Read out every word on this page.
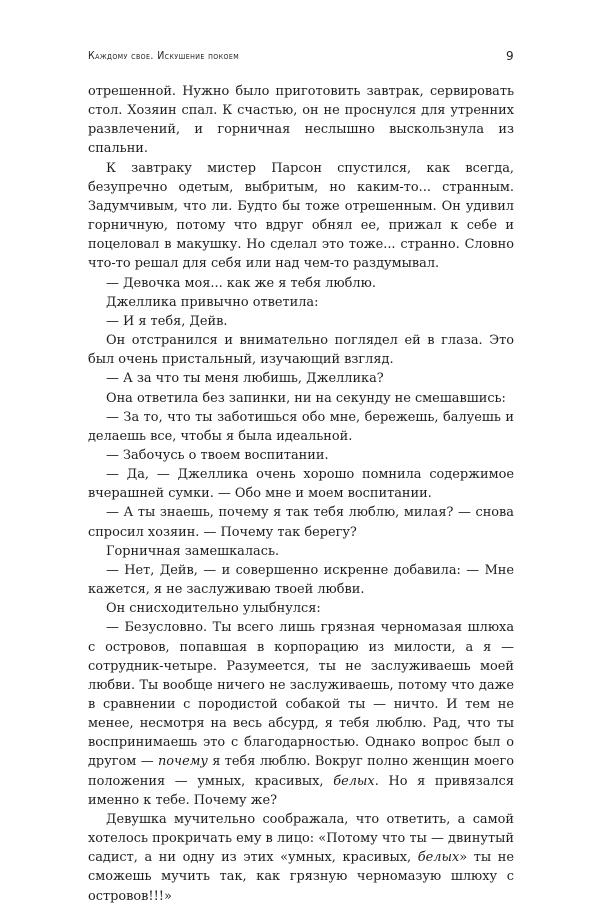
Каждому свое. Искушение покоем	9

отрешенной. Нужно было приготовить завтрак, сервировать стол. Хозяин спал. К счастью, он не проснулся для утренних развлечений, и горничная неслышно выскользнула из спальни.

К завтраку мистер Парсон спустился, как всегда, безупречно одетым, выбритым, но каким-то... странным. Задумчивым, что ли. Будто бы тоже отрешенным. Он удивил горничную, потому что вдруг обнял ее, прижал к себе и поцеловал в макушку. Но сделал это тоже... странно. Словно что-то решал для себя или над чем-то раздумывал.

— Девочка моя... как же я тебя люблю.

Джеллика привычно ответила:

— И я тебя, Дейв.

Он отстранился и внимательно поглядел ей в глаза. Это был очень пристальный, изучающий взгляд.

— А за что ты меня любишь, Джеллика?

Она ответила без запинки, ни на секунду не смешавшись:

— За то, что ты заботишься обо мне, бережешь, балуешь и делаешь все, чтобы я была идеальной.

— Забочусь о твоем воспитании.

— Да, — Джеллика очень хорошо помнила содержимое вчерашней сумки. — Обо мне и моем воспитании.

— А ты знаешь, почему я так тебя люблю, милая? — снова спросил хозяин. — Почему так берегу?

Горничная замешкалась.

— Нет, Дейв, — и совершенно искренне добавила: — Мне кажется, я не заслуживаю твоей любви.

Он снисходительно улыбнулся:

— Безусловно. Ты всего лишь грязная черномазая шлюха с островов, попавшая в корпорацию из милости, а я — сотрудник-четыре. Разумеется, ты не заслуживаешь моей любви. Ты вообще ничего не заслуживаешь, потому что даже в сравнении с породистой собакой ты — ничто. И тем не менее, несмотря на весь абсурд, я тебя люблю. Рад, что ты воспринимаешь это с благодарностью. Однако вопрос был о другом — почему я тебя люблю. Вокруг полно женщин моего положения — умных, красивых, белых. Но я привязался именно к тебе. Почему же?

Девушка мучительно соображала, что ответить, а самой хотелось прокричать ему в лицо: «Потому что ты — двинутый садист, а ни одну из этих «умных, красивых, белых» ты не сможешь мучить так, как грязную черномазую шлюху с островов!!!»
